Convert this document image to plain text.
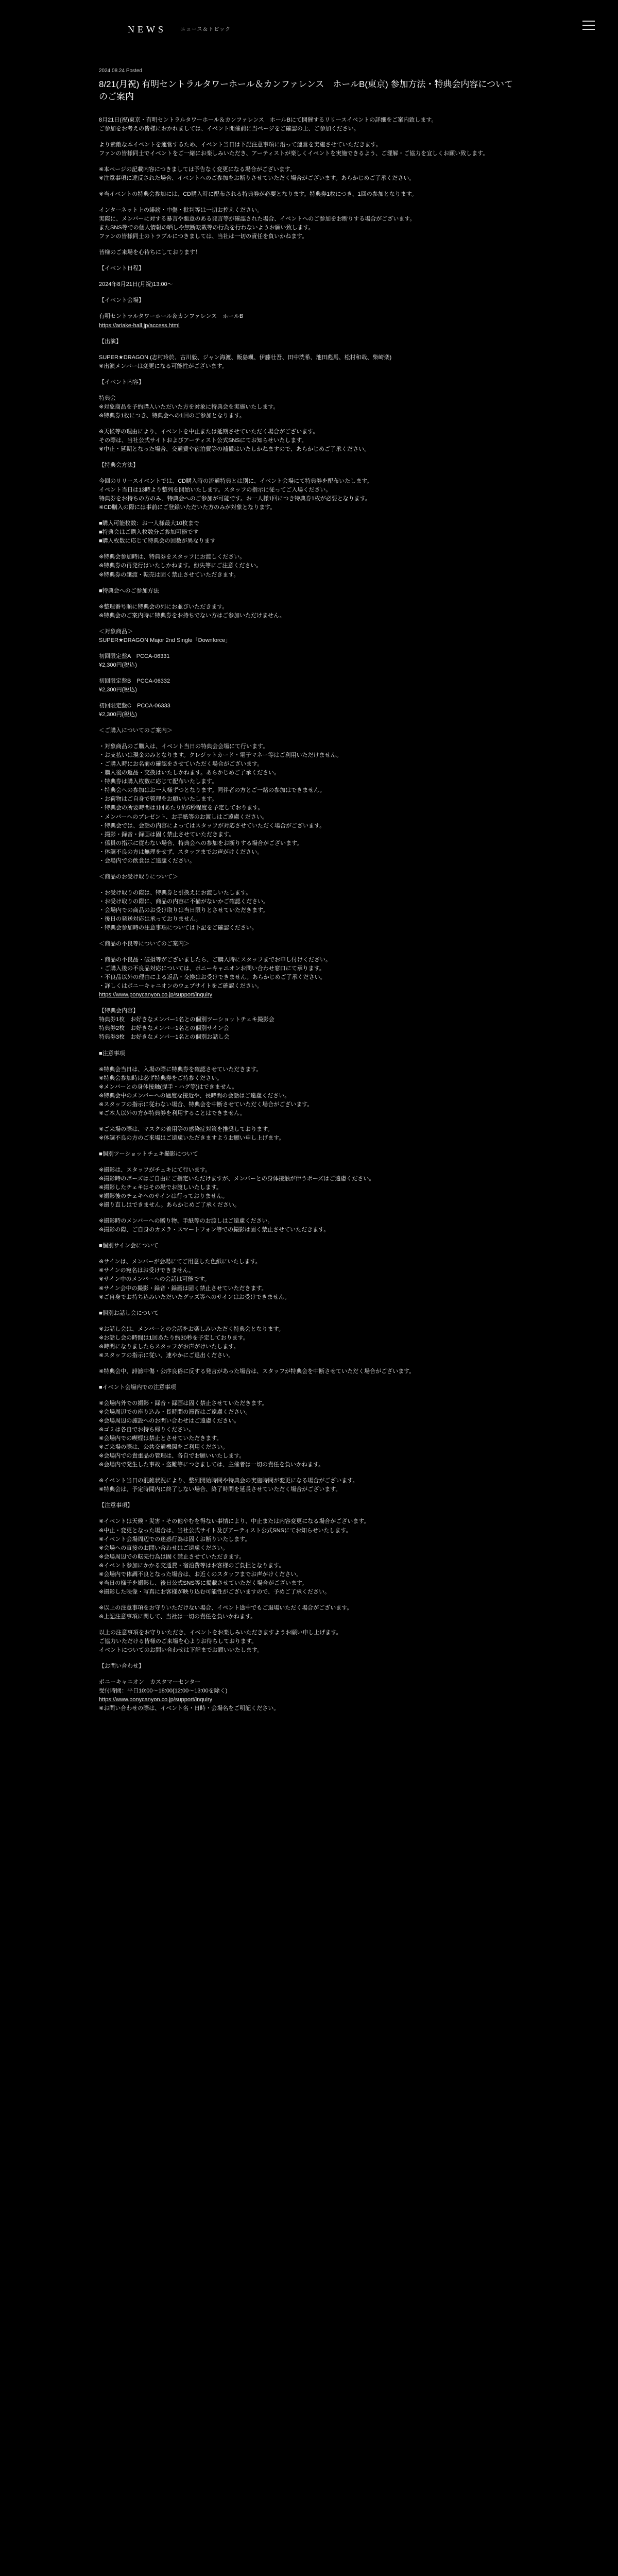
NEWS	ニュース＆トピック
2024.08.24 Posted
8/21(月祝) 有明セントラルタワーホール＆カンファレンス　ホールB(東京) 参加方法・特典会内容についてのご案内

8月21日(祝)東京・有明セントラルタワーホール＆カンファレンス　ホールBにて開催するリリースイベントの詳細をご案内致します。

ご参加をお考えの皆様におかれましては、イベント開催前に当ページをご確認の上、ご参加ください。

より素敵な本イベントを運営するため、イベント当日は下記注意事項に沿って運営を実施させていただきます。

ファンの皆様同士でイベントをご一緒にお楽しみいただき、アーティストが楽しくイベントを実施できるよう、ご理解・ご協力を宜しくお願い致します。

※本ページの記載内容につきましては予告なく変更になる場合がございます。

※注意事項に違反された場合、イベントへのご参加をお断りさせていただく場合がございます。あらかじめご了承ください。

※当イベントの特典会参加には、CD購入時に配布される特典券が必要となります。特典券1枚につき、1回の参加となります。

インターネット上の誹謗・中傷・批判等は一切お控えください。

実際に、メンバーに対する暴言や悪意のある発言等が確認された場合、イベントへのご参加をお断りする場合がございます。

またSNS等での個人情報の晒しや無断転載等の行為を行わないようお願い致します。

ファンの皆様同士のトラブルにつきましては、当社は一切の責任を負いかねます。

皆様のご来場を心待ちにしております！

【イベント日程】

2024年8月21日(月祝)13:00〜

【イベント会場】

有明セントラルタワーホール＆カンファレンス　ホールB

https://ariake-hall.jp/access.html

【出演】

SUPER★DRAGON (志村玲於、古川毅、ジャン海渡、飯島颯、伊藤壮吾、田中洸希、池田彪馬、松村和哉、柴崎楽)

※出演メンバーは変更になる可能性がございます。

【イベント内容】

特典会

※対象商品を予約購入いただいた方を対象に特典会を実施いたします。

※特典券1枚につき、特典会への1回のご参加となります。

※天候等の理由により、イベントを中止または延期させていただく場合がございます。

その際は、当社公式サイトおよびアーティスト公式SNSにてお知らせいたします。

※中止・延期となった場合、交通費や宿泊費等の補償はいたしかねますので、あらかじめご了承ください。

【特典会方法】

今回のリリースイベントでは、CD購入時の流通特典とは別に、イベント会場にて特典券を配布いたします。

イベント当日は13時より整列を開始いたします。スタッフの指示に従ってご入場ください。

特典券をお持ちの方のみ、特典会へのご参加が可能です。お一人様1回につき特典券1枚が必要となります。

※CD購入の際には事前にご登録いただいた方のみが対象となります。

■購入可能枚数：お一人様最大10枚まで

■特典会はご購入枚数分ご参加可能です

■購入枚数に応じて特典会の回数が異なります

※特典会参加時は、特典券をスタッフにお渡しください。

※特典券の再発行はいたしかねます。紛失等にご注意ください。

※特典券の譲渡・転売は固く禁止させていただきます。

■特典会へのご参加方法

※整理番号順に特典会の列にお並びいただきます。

※特典会のご案内時に特典券をお持ちでない方はご参加いただけません。

＜対象商品＞

SUPER★DRAGON Major 2nd Single「Downforce」

初回限定盤A　PCCA-06331

¥2,300円(税込)

初回限定盤B　PCCA-06332

¥2,300円(税込)

初回限定盤C　PCCA-06333

¥2,300円(税込)

＜ご購入についてのご案内＞

・対象商品のご購入は、イベント当日の特典会会場にて行います。

・お支払いは現金のみとなります。クレジットカード・電子マネー等はご利用いただけません。

・ご購入時にお名前の確認をさせていただく場合がございます。

・購入後の返品・交換はいたしかねます。あらかじめご了承ください。

・特典券は購入枚数に応じて配布いたします。

・特典会への参加はお一人様ずつとなります。同伴者の方とご一緒の参加はできません。

・お荷物はご自身で管理をお願いいたします。

・特典会の所要時間は1回あたり約5秒程度を予定しております。

・メンバーへのプレゼント、お手紙等のお渡しはご遠慮ください。

・特典会では、会話の内容によってはスタッフが対応させていただく場合がございます。

・撮影・録音・録画は固く禁止させていただきます。

・係員の指示に従わない場合、特典会への参加をお断りする場合がございます。

・体調不良の方は無理をせず、スタッフまでお声がけください。

・会場内での飲食はご遠慮ください。

＜商品のお受け取りについて＞

・お受け取りの際は、特典券と引換えにお渡しいたします。

・お受け取りの際に、商品の内容に不備がないかご確認ください。

・会場内での商品のお受け取りは当日限りとさせていただきます。

・後日の発送対応は承っておりません。

・特典会参加時の注意事項については下記をご確認ください。

＜商品の不良等についてのご案内＞

・商品の不良品・破損等がございましたら、ご購入時にスタッフまでお申し付けください。

・ご購入後の不良品対応については、ポニーキャニオンお問い合わせ窓口にて承ります。

・不良品以外の理由による返品・交換はお受けできません。あらかじめご了承ください。

・詳しくはポニーキャニオンのウェブサイトをご確認ください。

https://www.ponycanyon.co.jp/support/inquiry

【特典会内容】

特典券1枚　お好きなメンバー1名との個別ツーショットチェキ撮影会

特典券2枚　お好きなメンバー1名との個別サイン会

特典券3枚　お好きなメンバー1名との個別お話し会

■注意事項

※特典会当日は、入場の際に特典券を確認させていただきます。

※特典会参加時は必ず特典券をご持参ください。

※メンバーとの身体接触(握手・ハグ等)はできません。

※特典会中のメンバーへの過度な接近や、長時間の会話はご遠慮ください。

※スタッフの指示に従わない場合、特典会を中断させていただく場合がございます。

※ご本人以外の方が特典券を利用することはできません。

※ご来場の際は、マスクの着用等の感染症対策を推奨しております。

※体調不良の方のご来場はご遠慮いただきますようお願い申し上げます。

■個別ツーショットチェキ撮影について

※撮影は、スタッフがチェキにて行います。

※撮影時のポーズはご自由にご指定いただけますが、メンバーとの身体接触が伴うポーズはご遠慮ください。

※撮影したチェキはその場でお渡しいたします。

※撮影後のチェキへのサインは行っておりません。

※撮り直しはできません。あらかじめご了承ください。

※撮影時のメンバーへの贈り物、手紙等のお渡しはご遠慮ください。

※撮影の際、ご自身のカメラ・スマートフォン等での撮影は固く禁止させていただきます。

■個別サイン会について

※サインは、メンバーが会場にてご用意した色紙にいたします。

※サインの宛名はお受けできません。

※サイン中のメンバーへの会話は可能です。

※サイン会中の撮影・録音・録画は固く禁止させていただきます。

※ご自身でお持ち込みいただいたグッズ等へのサインはお受けできません。

■個別お話し会について

※お話し会は、メンバーとの会話をお楽しみいただく特典会となります。

※お話し会の時間は1回あたり約30秒を予定しております。

※時間になりましたらスタッフがお声がけいたします。

※スタッフの指示に従い、速やかにご退出ください。

※特典会中、誹謗中傷・公序良俗に反する発言があった場合は、スタッフが特典会を中断させていただく場合がございます。

■イベント会場内での注意事項

※会場内外での撮影・録音・録画は固く禁止させていただきます。

※会場周辺での座り込み・長時間の滞留はご遠慮ください。

※会場周辺の施設へのお問い合わせはご遠慮ください。

※ゴミは各自でお持ち帰りください。

※会場内での喫煙は禁止とさせていただきます。

※ご来場の際は、公共交通機関をご利用ください。

※会場内での貴重品の管理は、各自でお願いいたします。

※会場内で発生した事故・盗難等につきましては、主催者は一切の責任を負いかねます。

※イベント当日の混雑状況により、整列開始時間や特典会の実施時間が変更になる場合がございます。

※特典会は、予定時間内に終了しない場合、終了時間を延長させていただく場合がございます。

【注意事項】

※イベントは天候・災害・その他やむを得ない事情により、中止または内容変更になる場合がございます。

※中止・変更となった場合は、当社公式サイト及びアーティスト公式SNSにてお知らせいたします。

※イベント会場周辺での迷惑行為は固くお断りいたします。

※会場への直接のお問い合わせはご遠慮ください。

※会場周辺での転売行為は固く禁止させていただきます。

※イベント参加にかかる交通費・宿泊費等はお客様のご負担となります。

※会場内で体調不良となった場合は、お近くのスタッフまでお声がけください。

※当日の様子を撮影し、後日公式SNS等に掲載させていただく場合がございます。

※撮影した映像・写真にお客様が映り込む可能性がございますので、予めご了承ください。

※以上の注意事項をお守りいただけない場合、イベント途中でもご退場いただく場合がございます。

※上記注意事項に関して、当社は一切の責任を負いかねます。

以上の注意事項をお守りいただき、イベントをお楽しみいただきますようお願い申し上げます。

ご協力いただける皆様のご来場を心よりお待ちしております。

イベントについてのお問い合わせは下記までお願いいたします。

【お問い合わせ】

ポニーキャニオン　カスタマーセンター

受付時間：平日10:00〜18:00(12:00〜13:00を除く)

https://www.ponycanyon.co.jp/support/inquiry

※お問い合わせの際は、イベント名・日時・会場名をご明記ください。
